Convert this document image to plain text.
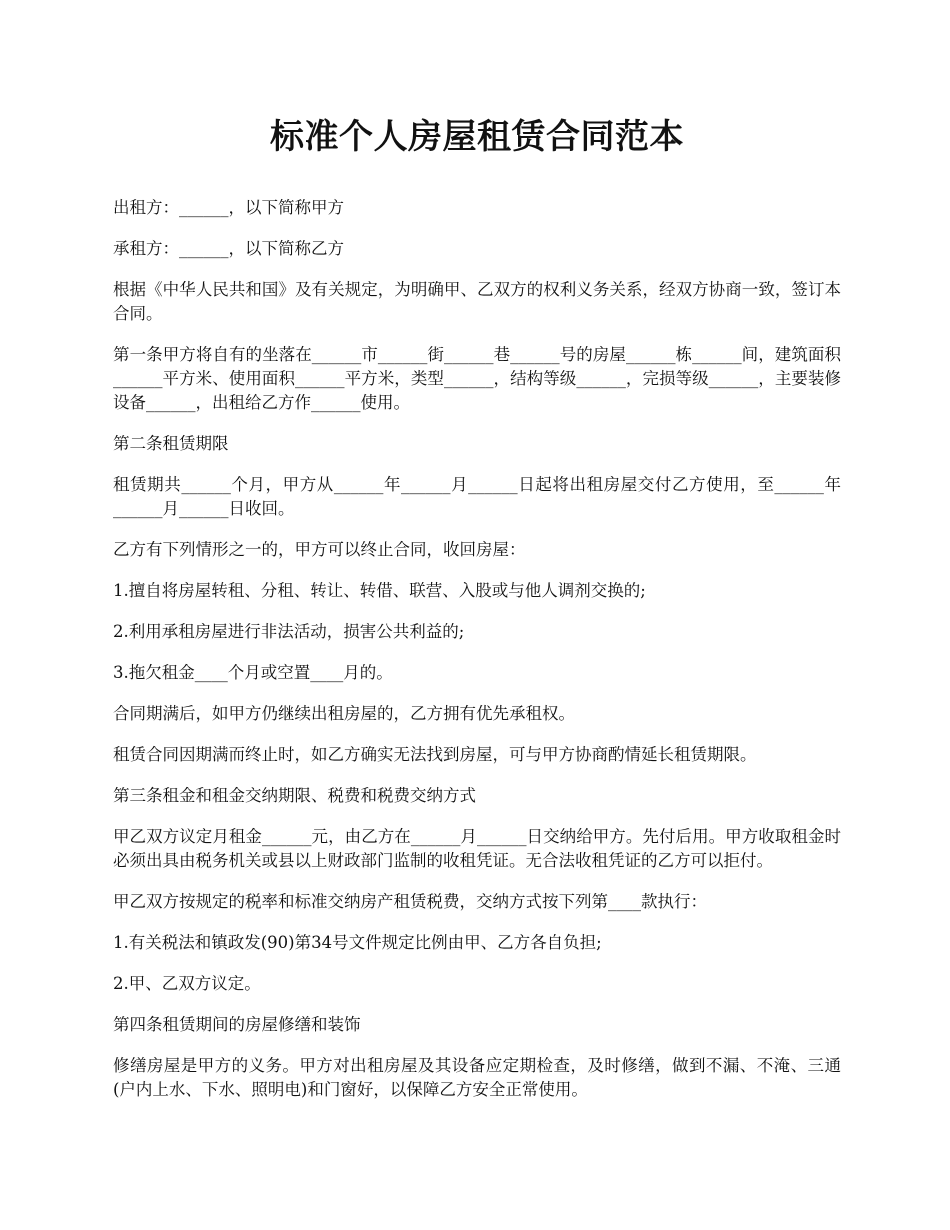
标准个人房屋租赁合同范本

出租方：______，以下简称甲方

承租方：______，以下简称乙方

根据《中华人民共和国》及有关规定，为明确甲、乙双方的权利义务关系，经双方协商一致，签订本合同。

第一条甲方将自有的坐落在______市______街______巷______号的房屋______栋______间，建筑面积______平方米、使用面积______平方米，类型______，结构等级______，完损等级______，主要装修设备______，出租给乙方作______使用。

第二条租赁期限

租赁期共______个月，甲方从______年______月______日起将出租房屋交付乙方使用，至______年______月______日收回。

乙方有下列情形之一的，甲方可以终止合同，收回房屋：

1.擅自将房屋转租、分租、转让、转借、联营、入股或与他人调剂交换的;

2.利用承租房屋进行非法活动，损害公共利益的;

3.拖欠租金____个月或空置____月的。

合同期满后，如甲方仍继续出租房屋的，乙方拥有优先承租权。

租赁合同因期满而终止时，如乙方确实无法找到房屋，可与甲方协商酌情延长租赁期限。

第三条租金和租金交纳期限、税费和税费交纳方式

甲乙双方议定月租金______元，由乙方在______月______日交纳给甲方。先付后用。甲方收取租金时必须出具由税务机关或县以上财政部门监制的收租凭证。无合法收租凭证的乙方可以拒付。

甲乙双方按规定的税率和标准交纳房产租赁税费，交纳方式按下列第____款执行：

1.有关税法和镇政发(90)第34号文件规定比例由甲、乙方各自负担;

2.甲、乙双方议定。

第四条租赁期间的房屋修缮和装饰

修缮房屋是甲方的义务。甲方对出租房屋及其设备应定期检查，及时修缮，做到不漏、不淹、三通(户内上水、下水、照明电)和门窗好，以保障乙方安全正常使用。
